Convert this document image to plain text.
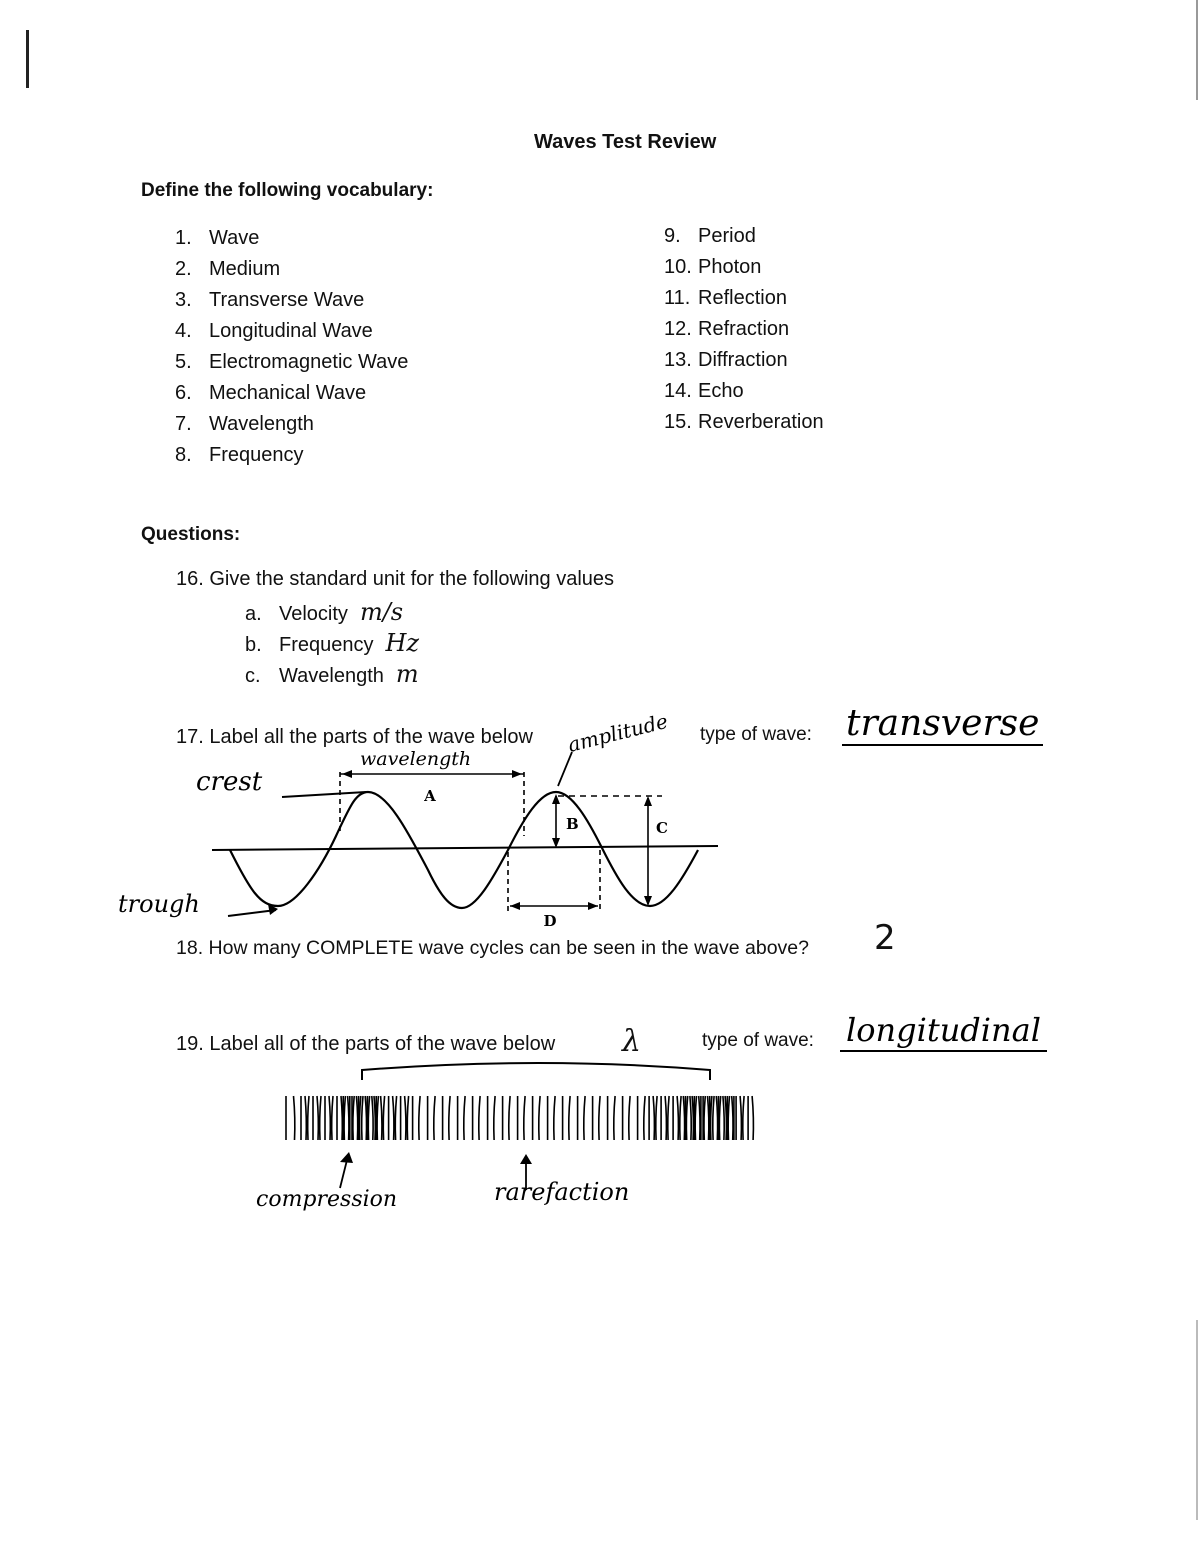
Waves Test Review
Define the following vocabulary:
1. Wave
2. Medium
3. Transverse Wave
4. Longitudinal Wave
5. Electromagnetic Wave
6. Mechanical Wave
7. Wavelength
8. Frequency
9. Period
10. Photon
11. Reflection
12. Refraction
13. Diffraction
14. Echo
15. Reverberation
Questions:
16. Give the standard unit for the following values
a. Velocity m/s
b. Frequency Hz
c. Wavelength m
17. Label all the parts of the wave below	type of wave: transverse
A
B	C
D
wavelength
amplitude
crest
trough
18. How many COMPLETE wave cycles can be seen in the wave above? 2
19. Label all of the parts of the wave below λ	type of wave: longitudinal
compression	rarefaction
